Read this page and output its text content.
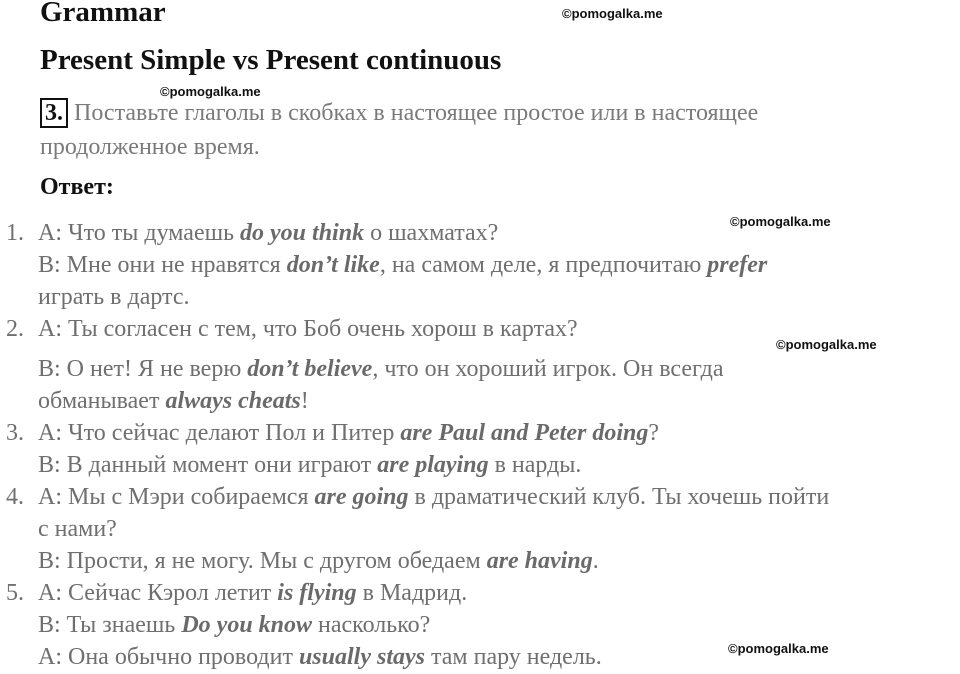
Grammar	©pomogalka.me
Present Simple vs Present continuous
©pomogalka.me
3. Поставьте глаголы в скобках в настоящее простое или в настоящее
продолженное время.
Ответ:
©pomogalka.me
1. A: Что ты думаешь do you think о шахматах?
B: Мне они не нравятся don’t like, на самом деле, я предпочитаю prefer
играть в дартс.
2. A: Ты согласен с тем, что Боб очень хорош в картах?
©pomogalka.me
B: О нет! Я не верю don’t believe, что он хороший игрок. Он всегда
обманывает always cheats!
3. A: Что сейчас делают Пол и Питер are Paul and Peter doing?
B: В данный момент они играют are playing в нарды.
4. A: Мы с Мэри собираемся are going в драматический клуб. Ты хочешь пойти
с нами?
B: Прости, я не могу. Мы с другом обедаем are having.
5. A: Сейчас Кэрол летит is flying в Мадрид.
B: Ты знаешь Do you know насколько?
©pomogalka.me
A: Она обычно проводит usually stays там пару недель.
